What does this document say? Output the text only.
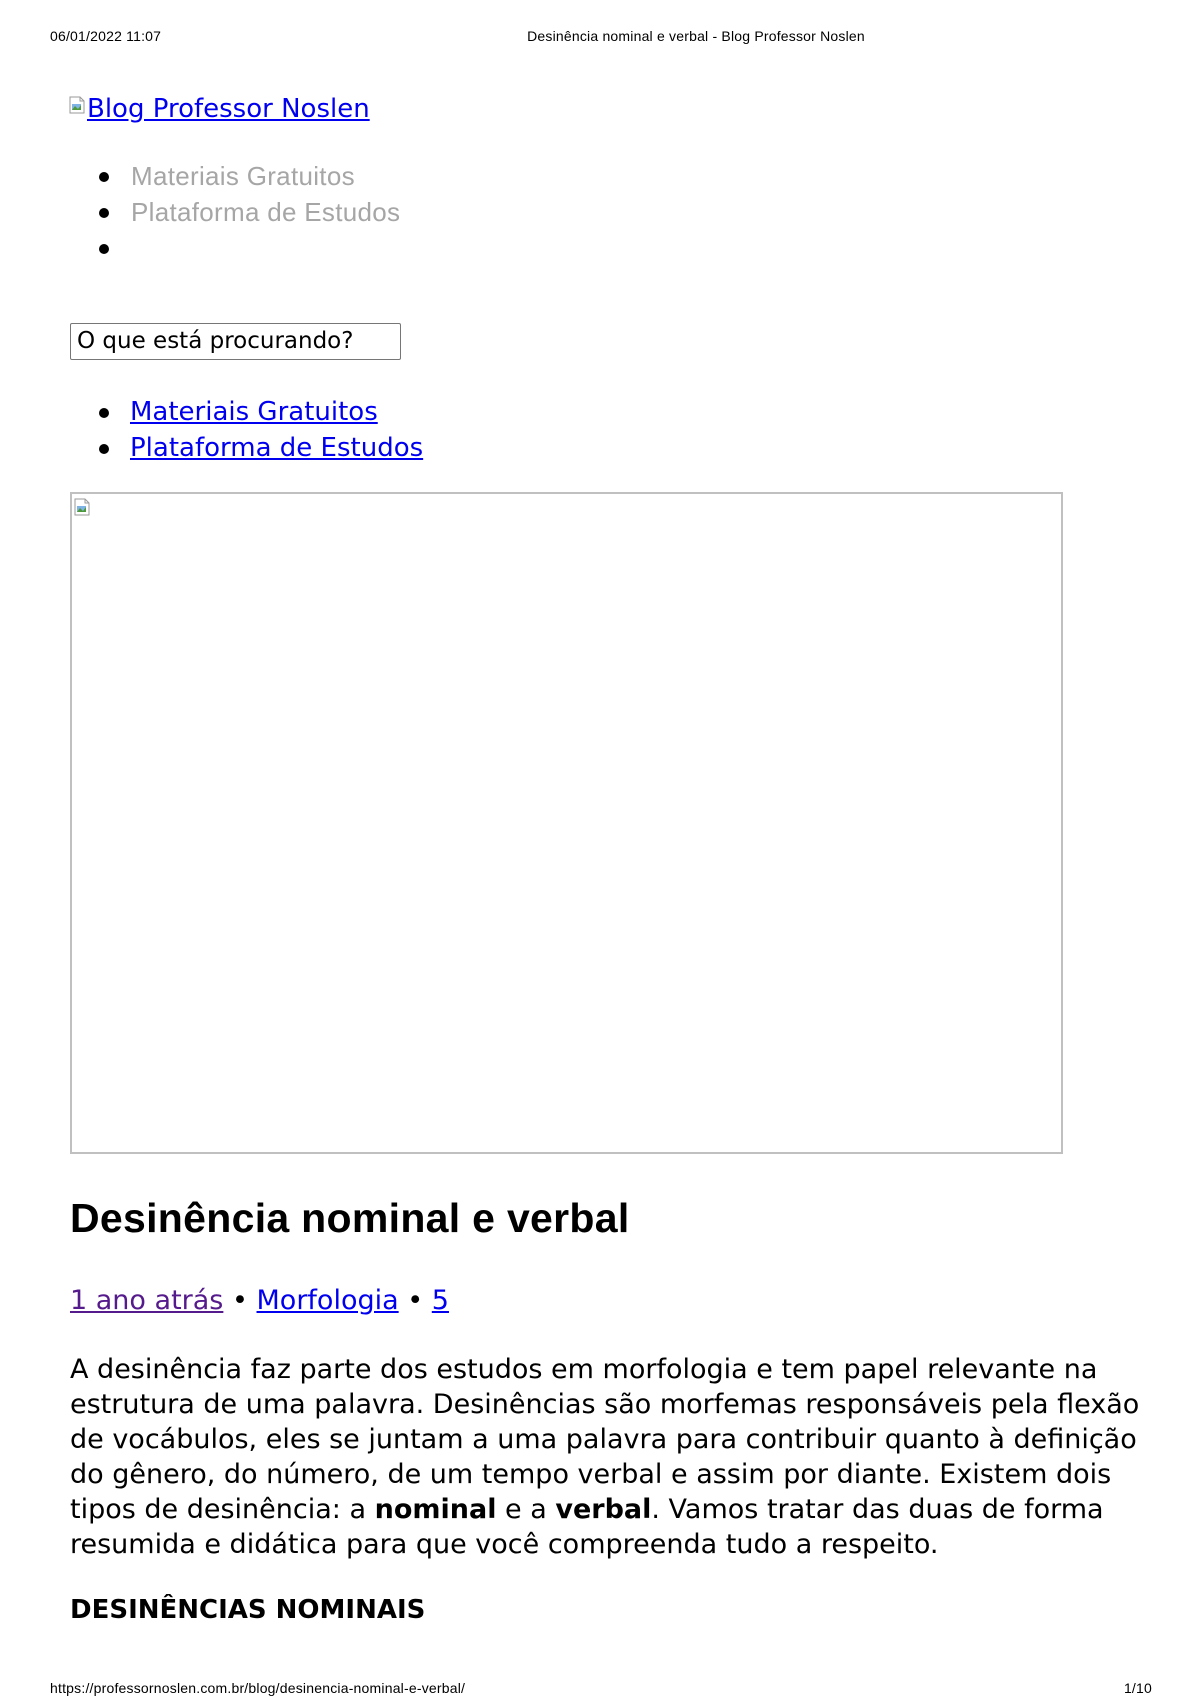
06/01/2022 11:07	Desinência nominal e verbal - Blog Professor Noslen
Blog Professor Noslen
Materiais Gratuitos
Plataforma de Estudos
O que está procurando?
Materiais Gratuitos
Plataforma de Estudos
Desinência nominal e verbal
1 ano atrás • Morfologia • 5

A desinência faz parte dos estudos em morfologia e tem papel relevante na estrutura de uma palavra. Desinências são morfemas responsáveis pela flexão de vocábulos, eles se juntam a uma palavra para contribuir quanto à definição do gênero, do número, de um tempo verbal e assim por diante. Existem dois tipos de desinência: a nominal e a verbal. Vamos tratar das duas de forma resumida e didática para que você compreenda tudo a respeito.

DESINÊNCIAS NOMINAIS
https://professornoslen.com.br/blog/desinencia-nominal-e-verbal/	1/10
